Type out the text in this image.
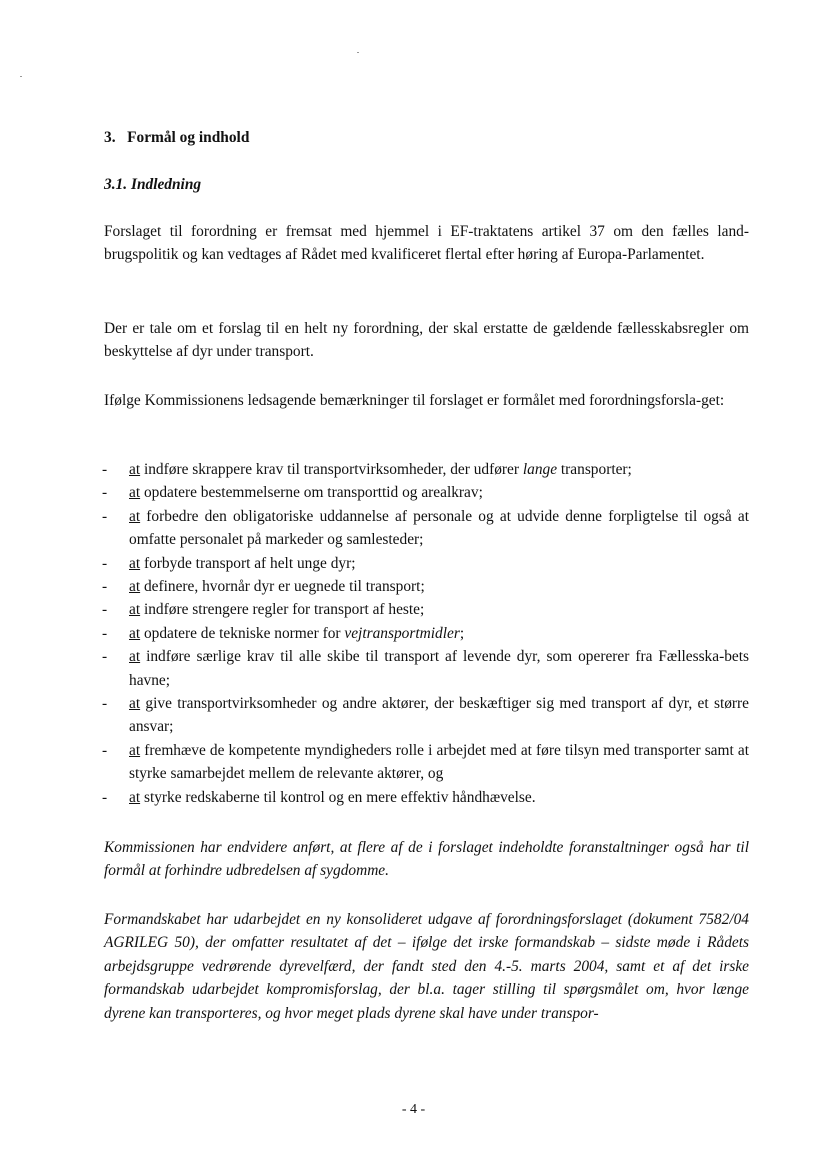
3. Formål og indhold
3.1. Indledning

Forslaget til forordning er fremsat med hjemmel i EF-traktatens artikel 37 om den fælles land-brugspolitik og kan vedtages af Rådet med kvalificeret flertal efter høring af Europa-Parlamentet.

Der er tale om et forslag til en helt ny forordning, der skal erstatte de gældende fællesskabsregler om beskyttelse af dyr under transport.

Ifølge Kommissionens ledsagende bemærkninger til forslaget er formålet med forordningsforsla-get:

- at indføre skrappere krav til transportvirksomheder, der udfører lange transporter;
- at opdatere bestemmelserne om transporttid og arealkrav;
- at forbedre den obligatoriske uddannelse af personale og at udvide denne forpligtelse til også at omfatte personalet på markeder og samlesteder;
- at forbyde transport af helt unge dyr;
- at definere, hvornår dyr er uegnede til transport;
- at indføre strengere regler for transport af heste;
- at opdatere de tekniske normer for vejtransportmidler;
- at indføre særlige krav til alle skibe til transport af levende dyr, som opererer fra Fællesska-bets havne;
- at give transportvirksomheder og andre aktører, der beskæftiger sig med transport af dyr, et større ansvar;
- at fremhæve de kompetente myndigheders rolle i arbejdet med at føre tilsyn med transporter samt at styrke samarbejdet mellem de relevante aktører, og
- at styrke redskaberne til kontrol og en mere effektiv håndhævelse.

Kommissionen har endvidere anført, at flere af de i forslaget indeholdte foranstaltninger også har til formål at forhindre udbredelsen af sygdomme.

Formandskabet har udarbejdet en ny konsolideret udgave af forordningsforslaget (dokument 7582/04 AGRILEG 50), der omfatter resultatet af det – ifølge det irske formandskab – sidste møde i Rådets arbejdsgruppe vedrørende dyrevelfærd, der fandt sted den 4.-5. marts 2004, samt et af det irske formandskab udarbejdet kompromisforslag, der bl.a. tager stilling til spørgsmålet om, hvor længe dyrene kan transporteres, og hvor meget plads dyrene skal have under transpor-

- 4 -
